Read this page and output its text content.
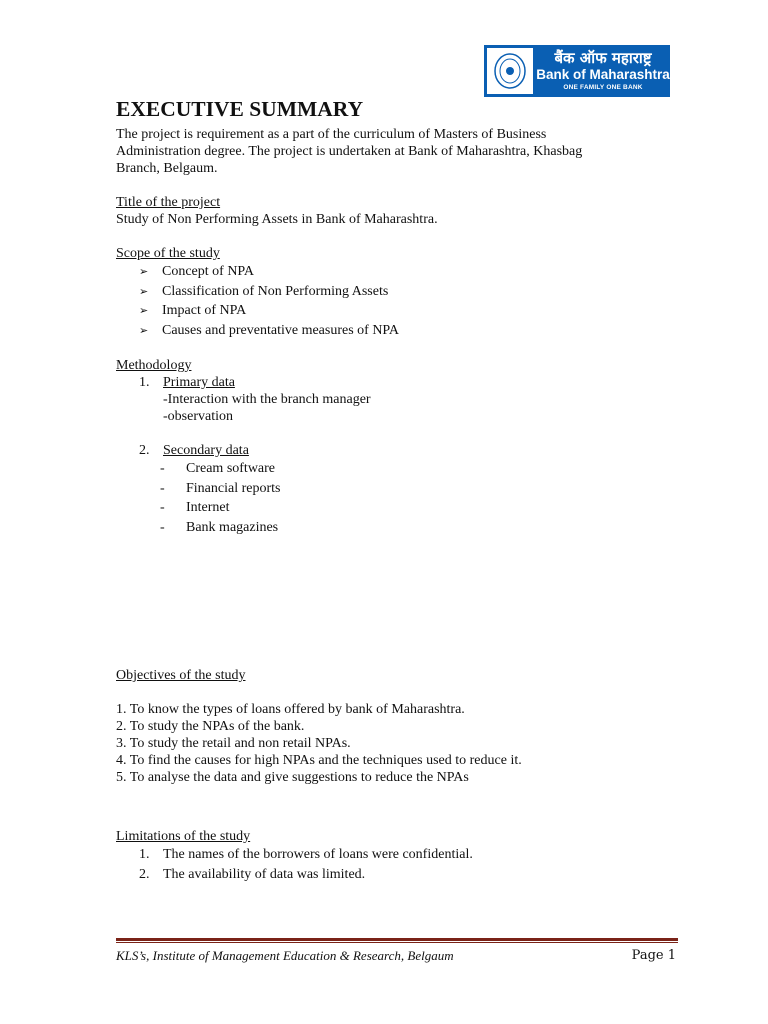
बैंक ऑफ महाराष्ट्र
Bank of Maharashtra
ONE FAMILY ONE BANK
EXECUTIVE SUMMARY

The project is requirement as a part of the curriculum of Masters of Business

Administration degree. The project is undertaken at Bank of Maharashtra, Khasbag

Branch, Belgaum.

Title of the project

Study of Non Performing Assets in Bank of Maharashtra.

Scope of the study

➢ Concept of NPA
➢ Classification of Non Performing Assets
➢ Impact of NPA
➢ Causes and preventative measures of NPA

Methodology

1. Primary data

-Interaction with the branch manager

-observation

2. Secondary data
- Cream software
- Financial reports
- Internet
- Bank magazines

Objectives of the study

1. To know the types of loans offered by bank of Maharashtra.

2. To study the NPAs of the bank.

3. To study the retail and non retail NPAs.

4. To find the causes for high NPAs and the techniques used to reduce it.

5. To analyse the data and give suggestions to reduce the NPAs

Limitations of the study

1. The names of the borrowers of loans were confidential.
2. The availability of data was limited.
KLS’s, Institute of Management Education & Research, Belgaum	Page 1
